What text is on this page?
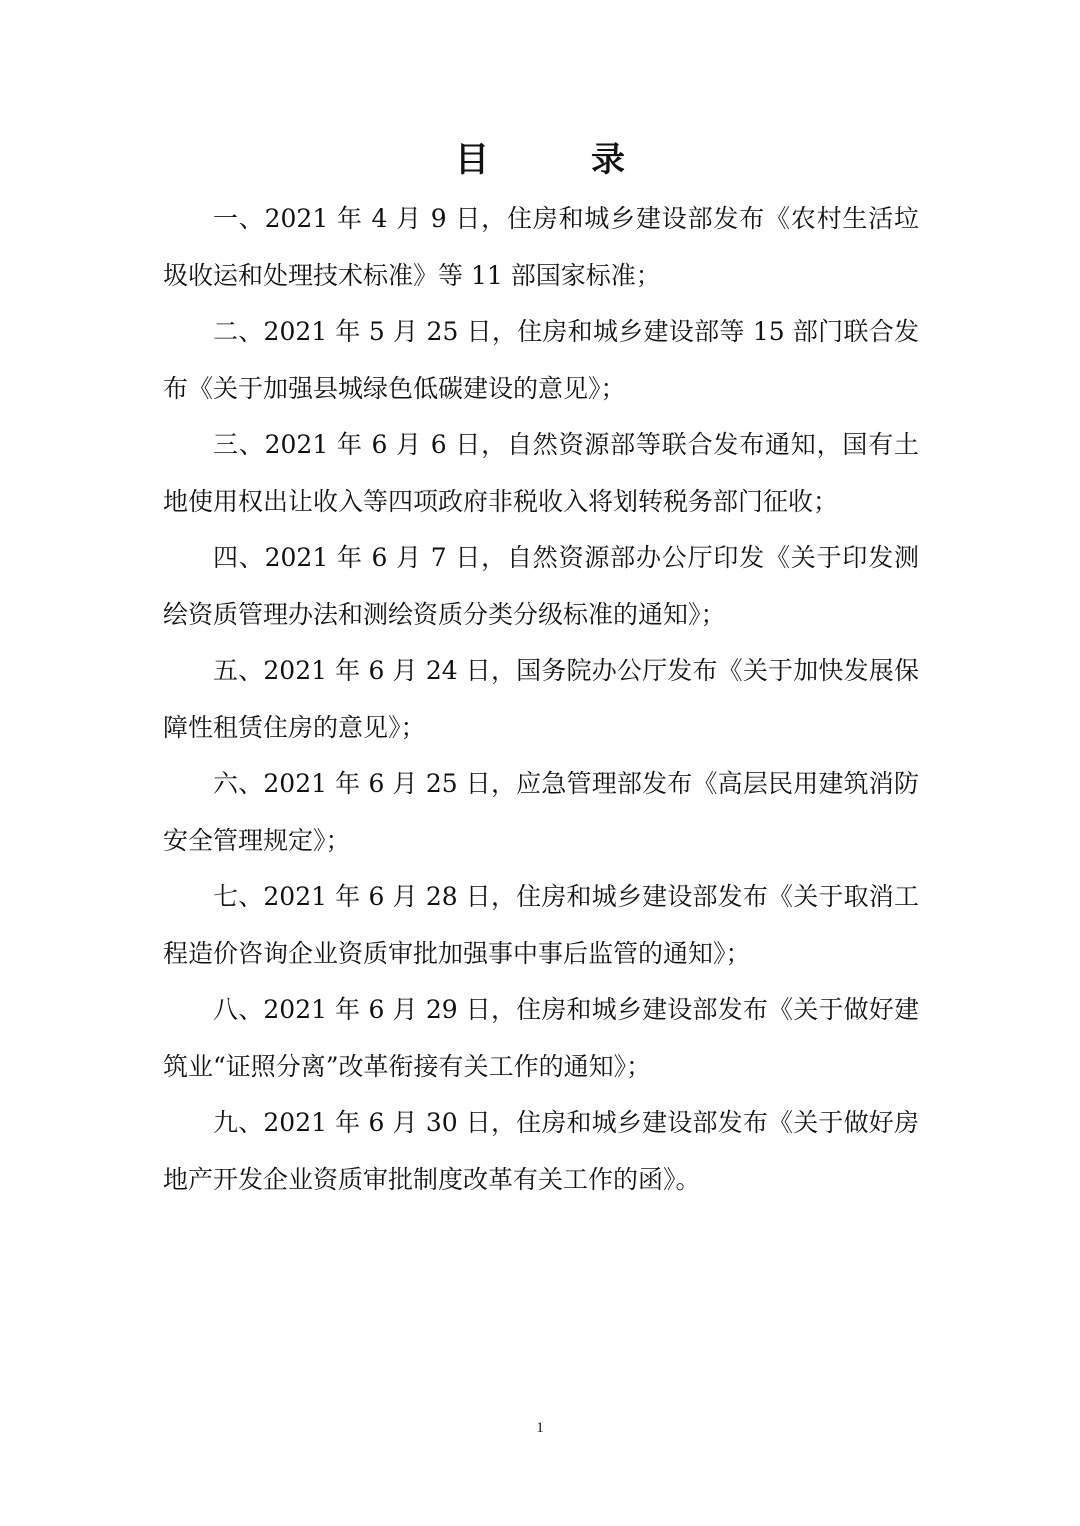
目　录
一、2021 年 4 月 9 日，住房和城乡建设部发布《农村生活垃圾收运和处理技术标准》等 11 部国家标准；
二、2021 年 5 月 25 日，住房和城乡建设部等 15 部门联合发布《关于加强县城绿色低碳建设的意见》；
三、2021 年 6 月 6 日，自然资源部等联合发布通知，国有土地使用权出让收入等四项政府非税收入将划转税务部门征收；
四、2021 年 6 月 7 日，自然资源部办公厅印发《关于印发测绘资质管理办法和测绘资质分类分级标准的通知》；
五、2021 年 6 月 24 日，国务院办公厅发布《关于加快发展保障性租赁住房的意见》；
六、2021 年 6 月 25 日，应急管理部发布《高层民用建筑消防安全管理规定》；
七、2021 年 6 月 28 日，住房和城乡建设部发布《关于取消工程造价咨询企业资质审批加强事中事后监管的通知》；
八、2021 年 6 月 29 日，住房和城乡建设部发布《关于做好建筑业“证照分离”改革衔接有关工作的通知》；
九、2021 年 6 月 30 日，住房和城乡建设部发布《关于做好房地产开发企业资质审批制度改革有关工作的函》。
1
